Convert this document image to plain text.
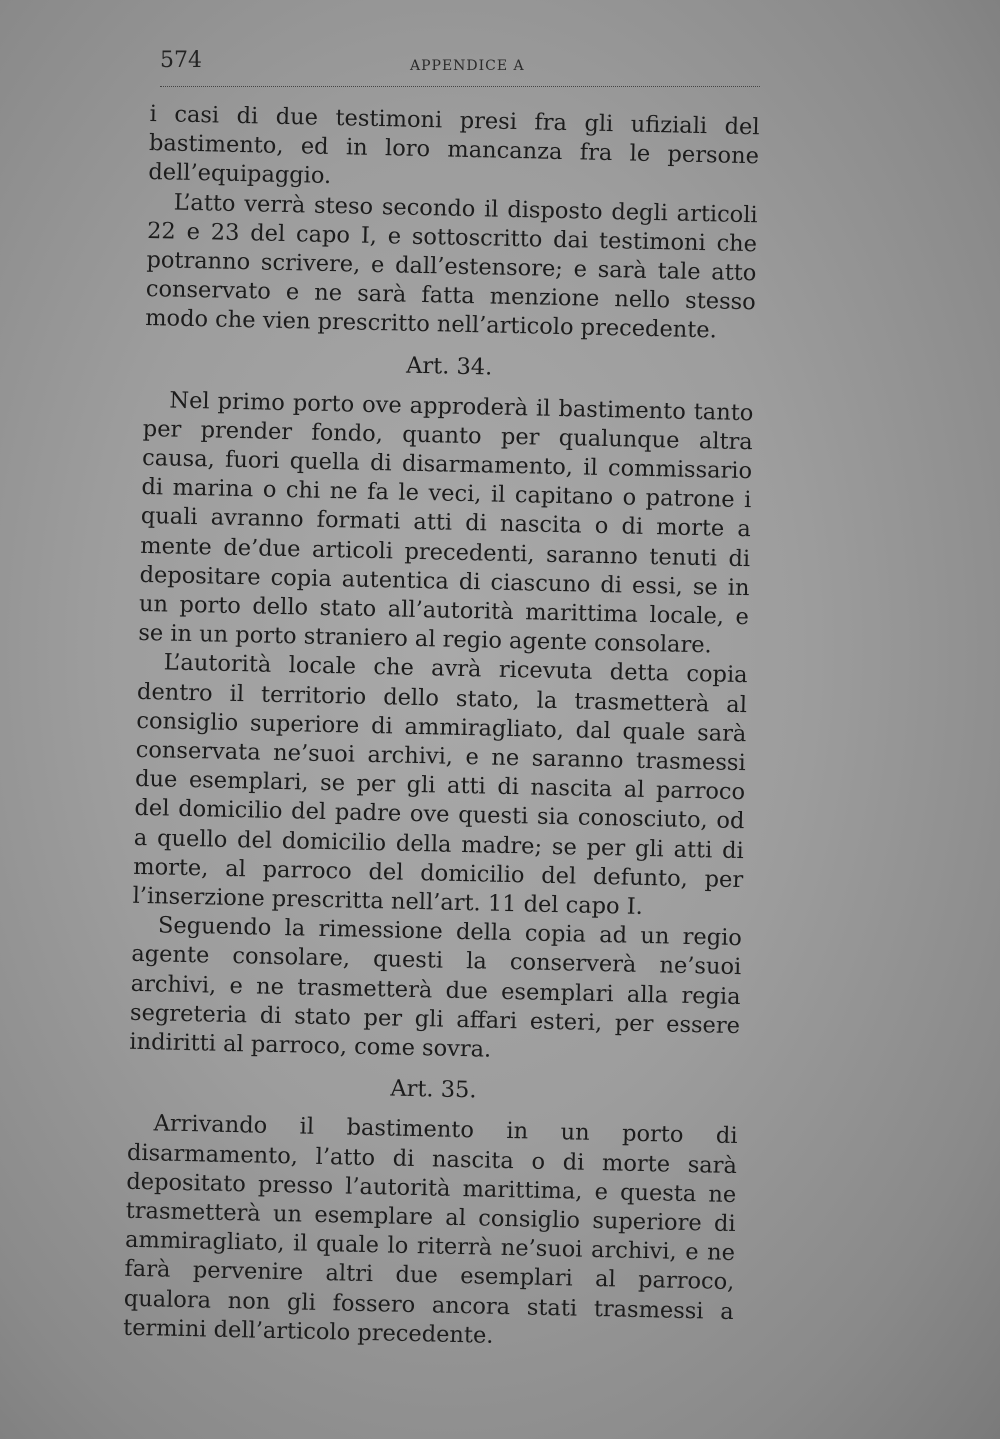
574	APPENDICE A

i casi di due testimoni presi fra gli ufiziali del bastimento, ed in loro mancanza fra le persone dell’equipaggio.

L’atto verrà steso secondo il disposto degli articoli 22 e 23 del capo I, e sottoscritto dai testimoni che potranno scrivere, e dall’estensore; e sarà tale atto conservato e ne sarà fatta menzione nello stesso modo che vien prescritto nell’articolo precedente.

Art. 34.

Nel primo porto ove approderà il bastimento tanto per prender fondo, quanto per qualunque altra causa, fuori quella di disarmamento, il commissario di marina o chi ne fa le veci, il capitano o patrone i quali avranno formati atti di nascita o di morte a mente de’due articoli precedenti, saranno tenuti di depositare copia autentica di ciascuno di essi, se in un porto dello stato all’autorità marittima locale, e se in un porto straniero al regio agente consolare.

L’autorità locale che avrà ricevuta detta copia dentro il territorio dello stato, la trasmetterà al consiglio superiore di ammiragliato, dal quale sarà conservata ne’suoi archivi, e ne saranno trasmessi due esemplari, se per gli atti di nascita al parroco del domicilio del padre ove questi sia conosciuto, od a quello del domicilio della madre; se per gli atti di morte, al parroco del domicilio del defunto, per l’inserzione prescritta nell’art. 11 del capo I.

Seguendo la rimessione della copia ad un regio agente consolare, questi la conserverà ne’suoi archivi, e ne trasmetterà due esemplari alla regia segreteria di stato per gli affari esteri, per essere indiritti al parroco, come sovra.

Art. 35.

Arrivando il bastimento in un porto di disarmamento, l’atto di nascita o di morte sarà depositato presso l’autorità marittima, e questa ne trasmetterà un esemplare al consiglio superiore di ammiragliato, il quale lo riterrà ne’suoi archivi, e ne farà pervenire altri due esemplari al parroco, qualora non gli fossero ancora stati trasmessi a termini dell’articolo precedente.
